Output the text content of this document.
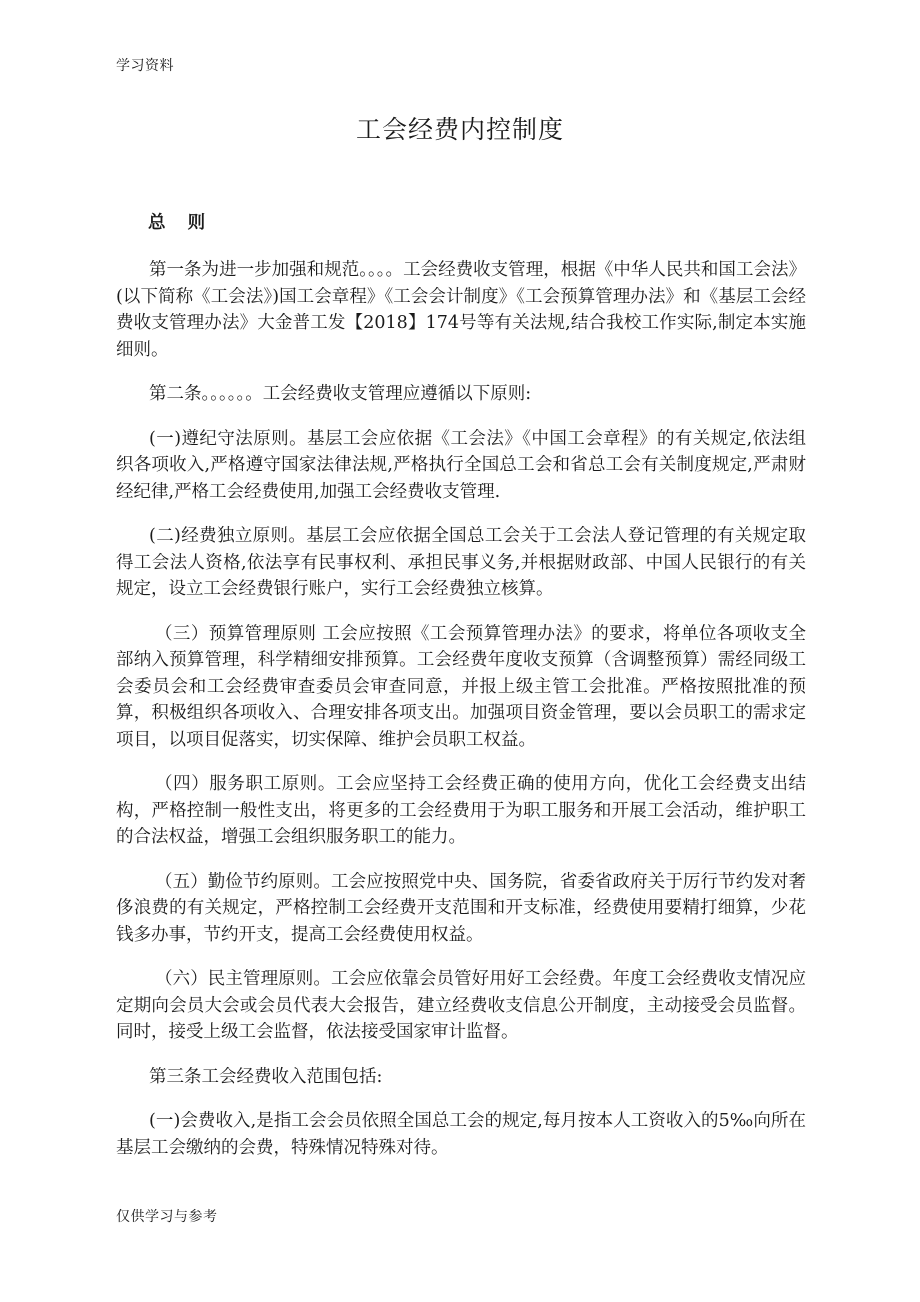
学习资料
工会经费内控制度
总 则

第一条为进一步加强和规范。。。。工会经费收支管理，根据《中华人民共和国工会法》(以下简称《工会法》)国工会章程》《工会会计制度》《工会预算管理办法》和《基层工会经费收支管理办法》大金普工发【2018】174号等有关法规,结合我校工作实际,制定本实施细则。

第二条。。。。。。工会经费收支管理应遵循以下原则:

(一)遵纪守法原则。基层工会应依据《工会法》《中国工会章程》的有关规定,依法组织各项收入,严格遵守国家法律法规,严格执行全国总工会和省总工会有关制度规定,严肃财经纪律,严格工会经费使用,加强工会经费收支管理.

(二)经费独立原则。基层工会应依据全国总工会关于工会法人登记管理的有关规定取得工会法人资格,依法享有民事权利、承担民事义务,并根据财政部、中国人民银行的有关规定，设立工会经费银行账户，实行工会经费独立核算。

（三）预算管理原则 工会应按照《工会预算管理办法》的要求，将单位各项收支全部纳入预算管理，科学精细安排预算。工会经费年度收支预算（含调整预算）需经同级工会委员会和工会经费审查委员会审查同意，并报上级主管工会批准。严格按照批准的预算，积极组织各项收入、合理安排各项支出。加强项目资金管理，要以会员职工的需求定项目，以项目促落实，切实保障、维护会员职工权益。

（四）服务职工原则。工会应坚持工会经费正确的使用方向，优化工会经费支出结构，严格控制一般性支出，将更多的工会经费用于为职工服务和开展工会活动，维护职工的合法权益，增强工会组织服务职工的能力。

（五）勤俭节约原则。工会应按照党中央、国务院，省委省政府关于厉行节约发对奢侈浪费的有关规定，严格控制工会经费开支范围和开支标准，经费使用要精打细算，少花钱多办事，节约开支，提高工会经费使用权益。

（六）民主管理原则。工会应依靠会员管好用好工会经费。年度工会经费收支情况应定期向会员大会或会员代表大会报告，建立经费收支信息公开制度，主动接受会员监督。同时，接受上级工会监督，依法接受国家审计监督。

第三条工会经费收入范围包括:

(一)会费收入,是指工会会员依照全国总工会的规定,每月按本人工资收入的5‰向所在基层工会缴纳的会费，特殊情况特殊对待。

仅供学习与参考
